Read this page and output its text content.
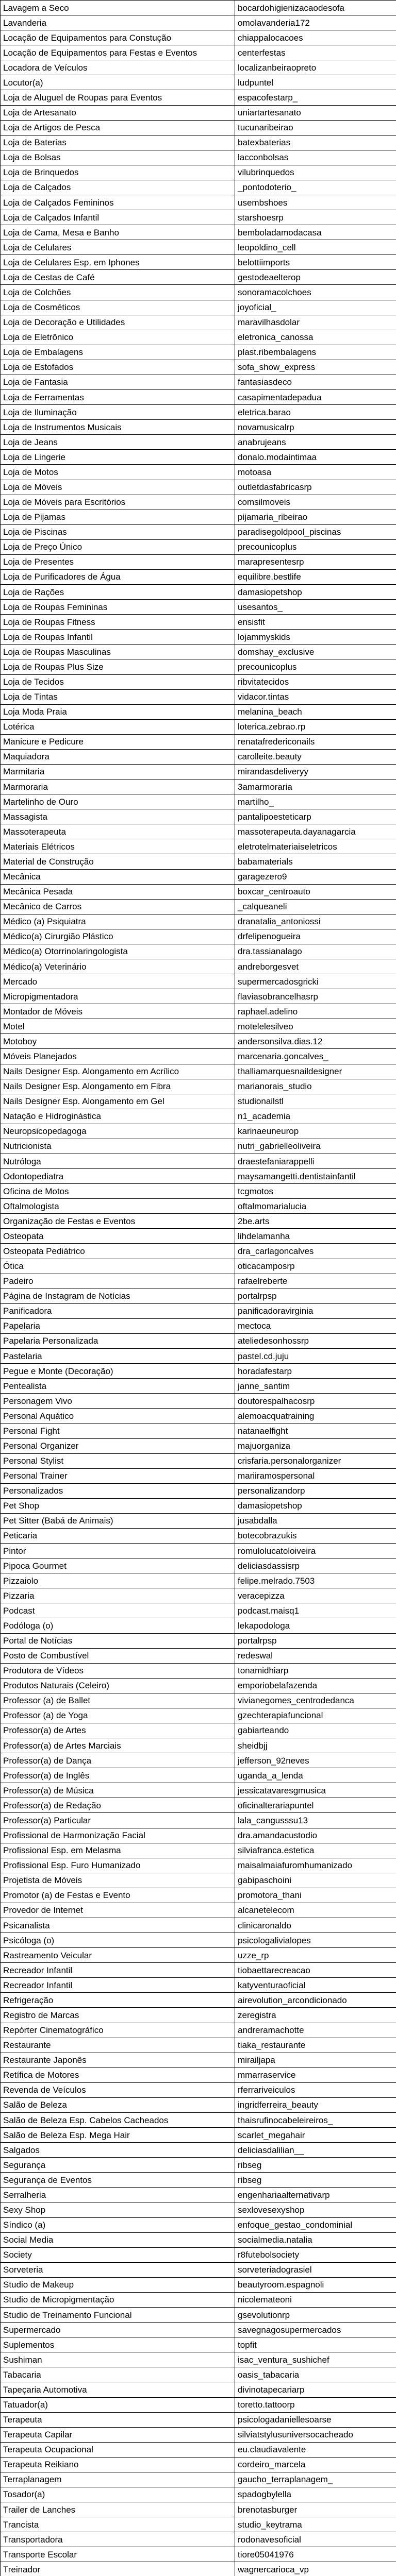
Lavagem a Seco	bocardohigienizacaodesofa
Lavanderia	omolavanderia172
Locação de Equipamentos para Constução	chiappalocacoes
Locação de Equipamentos para Festas e Eventos	centerfestas
Locadora de Veículos	localizanbeiraopreto
Locutor(a)	ludpuntel
Loja de Aluguel de Roupas para Eventos	espacofestarp_
Loja de Artesanato	uniartartesanato
Loja de Artigos de Pesca	tucunaribeirao
Loja de Baterias	batexbaterias
Loja de Bolsas	lacconbolsas
Loja de Brinquedos	vilubrinquedos
Loja de Calçados	_pontodoterio_
Loja de Calçados Femininos	usembshoes
Loja de Calçados Infantil	starshoesrp
Loja de Cama, Mesa e Banho	bemboladamodacasa
Loja de Celulares	leopoldino_cell
Loja de Celulares Esp. em Iphones	belottiimports
Loja de Cestas de Café	gestodeaelterop
Loja de Colchões	sonoramacolchoes
Loja de Cosméticos	joyoficial_
Loja de Decoração e Utilidades	maravilhasdolar
Loja de Eletrônico	eletronica_canossa
Loja de Embalagens	plast.ribembalagens
Loja de Estofados	sofa_show_express
Loja de Fantasia	fantasiasdeco
Loja de Ferramentas	casapimentadepadua
Loja de Iluminação	eletrica.barao
Loja de Instrumentos Musicais	novamusicalrp
Loja de Jeans	anabrujeans
Loja de Lingerie	donalo.modaintimaa
Loja de Motos	motoasa
Loja de Móveis	outletdasfabricasrp
Loja de Móveis para Escritórios	comsilmoveis
Loja de Pijamas	pijamaria_ribeirao
Loja de Piscinas	paradisegoldpool_piscinas
Loja de Preço Único	precounicoplus
Loja de Presentes	marapresentesrp
Loja de Purificadores de Água	equilibre.bestlife
Loja de Rações	damasiopetshop
Loja de Roupas Femininas	usesantos_
Loja de Roupas Fitness	ensisfit
Loja de Roupas Infantil	lojammyskids
Loja de Roupas Masculinas	domshay_exclusive
Loja de Roupas Plus Size	precounicoplus
Loja de Tecidos	ribvitatecidos
Loja de Tintas	vidacor.tintas
Loja Moda Praia	melanina_beach
Lotérica	loterica.zebrao.rp
Manicure e Pedicure	renatafredericonails
Maquiadora	carolleite.beauty
Marmitaria	mirandasdeliveryy
Marmoraria	3amarmoraria
Martelinho de Ouro	martilho_
Massagista	pantalipoesteticarp
Massoterapeuta	massoterapeuta.dayanagarcia
Materiais Elétricos	eletrotelmateriaiseletricos
Material de Construção	babamaterials
Mecânica	garagezero9
Mecânica Pesada	boxcar_centroauto
Mecânico de Carros	_calqueaneli
Médico (a) Psiquiatra	dranatalia_antoniossi
Médico(a) Cirurgião Plástico	drfelipenogueira
Médico(a) Otorrinolaringologista	dra.tassianalago
Médico(a) Veterinário	andreborgesvet
Mercado	supermercadosgricki
Micropigmentadora	flaviasobrancelhasrp
Montador de Móveis	raphael.adelino
Motel	motelelesilveo
Motoboy	andersonsilva.dias.12
Móveis Planejados	marcenaria.goncalves_
Nails Designer Esp. Alongamento em Acrílico	thalliamarquesnaildesigner
Nails Designer Esp. Alongamento em Fibra	marianorais_studio
Nails Designer Esp. Alongamento em Gel	studionailstl
Natação e Hidroginástica	n1_academia
Neuropsicopedagoga	karinaeuneurop
Nutricionista	nutri_gabrielleoliveira
Nutróloga	draestefaniarappelli
Odontopediatra	maysamangetti.dentistainfantil
Oficina de Motos	tcgmotos
Oftalmologista	oftalmomarialucia
Organização de Festas e Eventos	2be.arts
Osteopata	lihdelamanha
Osteopata Pediátrico	dra_carlagoncalves
Ótica	oticacamposrp
Padeiro	rafaelreberte
Página de Instagram de Notícias	portalrpsp
Panificadora	panificadoravirginia
Papelaria	mectoca
Papelaria Personalizada	ateliedesonhossrp
Pastelaria	pastel.cd.juju
Pegue e Monte (Decoração)	horadafestarp
Pentealista	janne_santim
Personagem Vivo	doutorespalhacosrp
Personal Aquático	alemoacquatraining
Personal Fight	natanaelfight
Personal Organizer	majuorganiza
Personal Stylist	crisfaria.personalorganizer
Personal Trainer	mariiramospersonal
Personalizados	personalizandorp
Pet Shop	damasiopetshop
Pet Sitter (Babá de Animais)	jusabdalla
Peticaria	botecobrazukis
Pintor	romulolucatoloiveira
Pipoca Gourmet	deliciasdassisrp
Pizzaiolo	felipe.melrado.7503
Pizzaria	veracepizza
Podcast	podcast.maisq1
Podóloga (o)	lekapodologa
Portal de Notícias	portalrpsp
Posto de Combustível	redeswal
Produtora de Vídeos	tonamidhiarp
Produtos Naturais (Celeiro)	emporiobelafazenda
Professor (a) de Ballet	vivianegomes_centrodedanca
Professor (a) de Yoga	gzechterapiafuncional
Professor(a) de Artes	gabiarteando
Professor(a) de Artes Marciais	sheidbjj
Professor(a) de Dança	jefferson_92neves
Professor(a) de Inglês	uganda_a_lenda
Professor(a) de Música	jessicatavaresgmusica
Professor(a) de Redação	oficinalterariapuntel
Professor(a) Particular	lala_cangusssu13
Profissional de Harmonização Facial	dra.amandacustodio
Profissional Esp. em Melasma	silviafranca.estetica
Profissional Esp. Furo Humanizado	maisalmaiafuromhumanizado
Projetista de Móveis	gabipaschoini
Promotor (a) de Festas e Evento	promotora_thani
Provedor de Internet	alcanetelecom
Psicanalista	clinicaronaldo
Psicóloga (o)	psicologalivialopes
Rastreamento Veicular	uzze_rp
Recreador Infantil	tiobaettarecreacao
Recreador Infantil	katyventuraoficial
Refrigeração	airevolution_arcondicionado
Registro de Marcas	zeregistra
Repórter Cinematográfico	andreramachotte
Restaurante	tiaka_restaurante
Restaurante Japonês	mirailjapa
Retífica de Motores	mmarraservice
Revenda de Veículos	rferrariveiculos
Salão de Beleza	ingridferreira_beauty
Salão de Beleza Esp. Cabelos Cacheados	thaisrufinocabeleireiros_
Salão de Beleza Esp. Mega Hair	scarlet_megahair
Salgados	deliciasdalilian__
Segurança	ribseg
Segurança de Eventos	ribseg
Serralheria	engenhariaalternativarp
Sexy Shop	sexlovesexyshop
Síndico (a)	enfoque_gestao_condominial
Social Media	socialmedia.natalia
Society	r8futebolsociety
Sorveteria	sorveteriadograsiel
Studio de Makeup	beautyroom.espagnoli
Studio de Micropigmentação	nicolemateoni
Studio de Treinamento Funcional	gsevolutionrp
Supermercado	savegnagosupermercados
Suplementos	topfit
Sushiman	isac_ventura_sushichef
Tabacaria	oasis_tabacaria
Tapeçaria Automotiva	divinotapecariarp
Tatuador(a)	toretto.tattoorp
Terapeuta	psicologadaniellesoarse
Terapeuta Capilar	silviatstylusuniversocacheado
Terapeuta Ocupacional	eu.claudiavalente
Terapeuta Reikiano	cordeiro_marcela
Terraplanagem	gaucho_terraplanagem_
Tosador(a)	spadogbylella
Trailer de Lanches	brenotasburger
Trancista	studio_keytrama
Transportadora	rodonavesoficial
Transporte Escolar	tiore05041976
Treinador	wagnercarioca_vp
